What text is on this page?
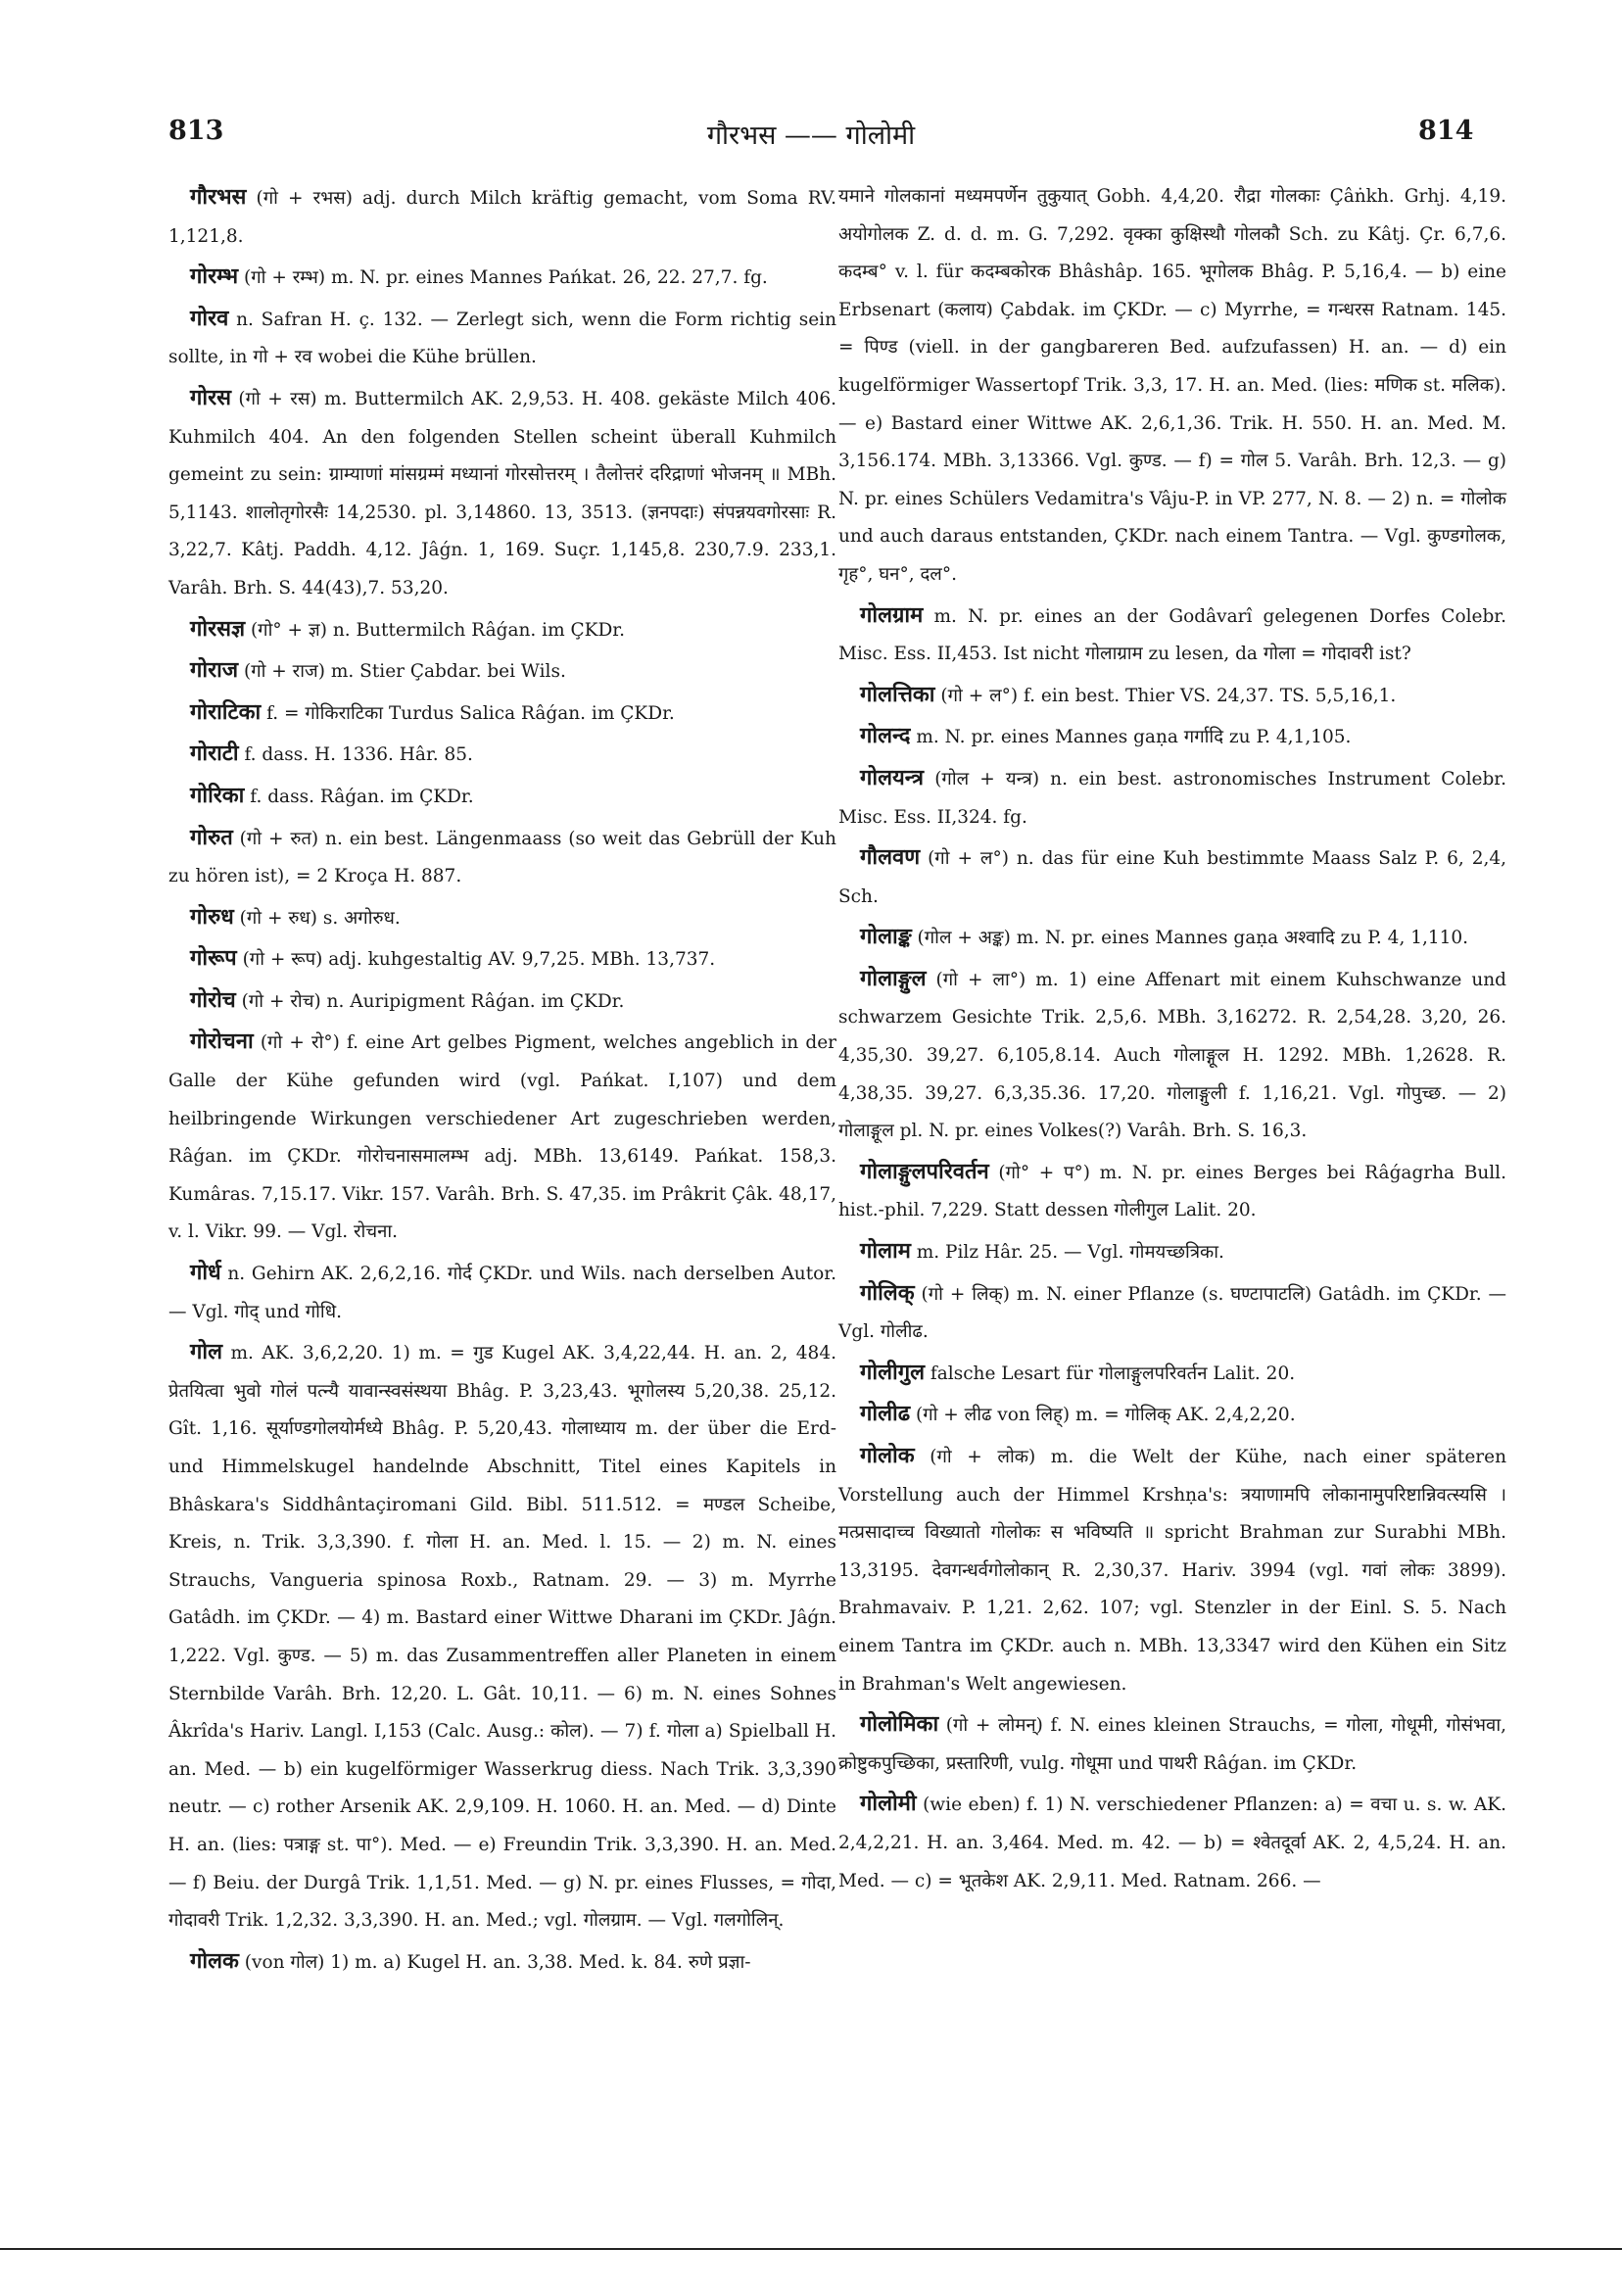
813	गौरभस —— गोलोमी	814

गौरभस (गो + रभस) adj. durch Milch kräftig gemacht, vom Soma RV. 1,121,8.

गोरम्भ (गो + रम्भ) m. N. pr. eines Mannes Pańkat. 26, 22. 27,7. fg.

गोरव n. Safran H. ç. 132. — Zerlegt sich, wenn die Form richtig sein sollte, in गो + रव wobei die Kühe brüllen.

गोरस (गो + रस) m. Buttermilch AK. 2,9,53. H. 408. gekäste Milch 406. Kuhmilch 404. An den folgenden Stellen scheint überall Kuhmilch gemeint zu sein: ग्राम्याणां मांसग्रम्मं मध्यानां गोरसोत्तरम् । तैलोत्तरं दरिद्राणां भोजनम् ॥ MBh. 5,1143. शालोतृगोरसैः 14,2530. pl. 3,14860. 13, 3513. (ज्ञनपदाः) संपन्नयवगोरसाः R. 3,22,7. Kâtj. Paddh. 4,12. Jâǵn. 1, 169. Suçr. 1,145,8. 230,7.9. 233,1. Varâh. Brh. S. 44(43),7. 53,20.

गोरसज्ञ (गो° + ज्ञ) n. Buttermilch Râǵan. im ÇKDr.

गोराज (गो + राज) m. Stier Çabdar. bei Wils.

गोराटिका f. = गोकिराटिका Turdus Salica Râǵan. im ÇKDr.

गोराटी f. dass. H. 1336. Hâr. 85.

गोरिका f. dass. Râǵan. im ÇKDr.

गोरुत (गो + रुत) n. ein best. Längenmaass (so weit das Gebrüll der Kuh zu hören ist), = 2 Kroça H. 887.

गोरुध (गो + रुध) s. अगोरुध.

गोरूप (गो + रूप) adj. kuhgestaltig AV. 9,7,25. MBh. 13,737.

गोरोच (गो + रोच) n. Auripigment Râǵan. im ÇKDr.

गोरोचना (गो + रो°) f. eine Art gelbes Pigment, welches angeblich in der Galle der Kühe gefunden wird (vgl. Pańkat. I,107) und dem heilbringende Wirkungen verschiedener Art zugeschrieben werden, Râǵan. im ÇKDr. गोरोचनासमालम्भ adj. MBh. 13,6149. Pańkat. 158,3. Kumâras. 7,15.17. Vikr. 157. Varâh. Brh. S. 47,35. im Prâkrit Çâk. 48,17, v. l. Vikr. 99. — Vgl. रोचना.

गोर्ध n. Gehirn AK. 2,6,2,16. गोर्द ÇKDr. und Wils. nach derselben Autor. — Vgl. गोद् und गोधि.

गोल m. AK. 3,6,2,20. 1) m. = गुड Kugel AK. 3,4,22,44. H. an. 2, 484. प्रेतयित्वा भुवो गोलं पत्न्यै यावान्स्वसंस्थया Bhâg. P. 3,23,43. भूगोलस्य 5,20,38. 25,12. Gît. 1,16. सूर्याण्डगोलयोर्मध्ये Bhâg. P. 5,20,43. गोलाध्याय m. der über die Erd- und Himmelskugel handelnde Abschnitt, Titel eines Kapitels in Bhâskara's Siddhântaçiromani Gild. Bibl. 511.512. = मण्डल Scheibe, Kreis, n. Trik. 3,3,390. f. गोला H. an. Med. l. 15. — 2) m. N. eines Strauchs, Vangueria spinosa Roxb., Ratnam. 29. — 3) m. Myrrhe Gatâdh. im ÇKDr. — 4) m. Bastard einer Wittwe Dharani im ÇKDr. Jâǵn. 1,222. Vgl. कुण्ड. — 5) m. das Zusammentreffen aller Planeten in einem Sternbilde Varâh. Brh. 12,20. L. Gât. 10,11. — 6) m. N. eines Sohnes Âkrîda's Hariv. Langl. I,153 (Calc. Ausg.: कोल). — 7) f. गोला a) Spielball H. an. Med. — b) ein kugelförmiger Wasserkrug diess. Nach Trik. 3,3,390 neutr. — c) rother Arsenik AK. 2,9,109. H. 1060. H. an. Med. — d) Dinte H. an. (lies: पत्राङ्ग st. पा°). Med. — e) Freundin Trik. 3,3,390. H. an. Med. — f) Beiu. der Durgâ Trik. 1,1,51. Med. — g) N. pr. eines Flusses, = गोदा, गोदावरी Trik. 1,2,32. 3,3,390. H. an. Med.; vgl. गोलग्राम. — Vgl. गलगोलिन्.

गोलक (von गोल) 1) m. a) Kugel H. an. 3,38. Med. k. 84. रुणे प्रज्ञा-

यमाने गोलकानां मध्यमपर्णेन तुकुयात् Gobh. 4,4,20. रौद्रा गोलकाः Çâṅkh. Grhj. 4,19. अयोगोलक Z. d. d. m. G. 7,292. वृक्का कुक्षिस्थौ गोलकौ Sch. zu Kâtj. Çr. 6,7,6. कदम्ब° v. l. für कदम्बकोरक Bhâshâp. 165. भूगोलक Bhâg. P. 5,16,4. — b) eine Erbsenart (कलाय) Çabdak. im ÇKDr. — c) Myrrhe, = गन्धरस Ratnam. 145. = पिण्ड (viell. in der gangbareren Bed. aufzufassen) H. an. — d) ein kugelförmiger Wassertopf Trik. 3,3, 17. H. an. Med. (lies: मणिक st. मलिक). — e) Bastard einer Wittwe AK. 2,6,1,36. Trik. H. 550. H. an. Med. M. 3,156.174. MBh. 3,13366. Vgl. कुण्ड. — f) = गोल 5. Varâh. Brh. 12,3. — g) N. pr. eines Schülers Vedamitra's Vâju-P. in VP. 277, N. 8. — 2) n. = गोलोक und auch daraus entstanden, ÇKDr. nach einem Tantra. — Vgl. कुण्डगोलक, गृह°, घन°, दल°.

गोलग्राम m. N. pr. eines an der Godâvarî gelegenen Dorfes Colebr. Misc. Ess. II,453. Ist nicht गोलाग्राम zu lesen, da गोला = गोदावरी ist?

गोलत्तिका (गो + ल°) f. ein best. Thier VS. 24,37. TS. 5,5,16,1.

गोलन्द m. N. pr. eines Mannes gaṇa गर्गादि zu P. 4,1,105.

गोलयन्त्र (गोल + यन्त्र) n. ein best. astronomisches Instrument Colebr. Misc. Ess. II,324. fg.

गौलवण (गो + ल°) n. das für eine Kuh bestimmte Maass Salz P. 6, 2,4, Sch.

गोलाङ्क (गोल + अङ्क) m. N. pr. eines Mannes gaṇa अश्वादि zu P. 4, 1,110.

गोलाङ्गुल (गो + ला°) m. 1) eine Affenart mit einem Kuhschwanze und schwarzem Gesichte Trik. 2,5,6. MBh. 3,16272. R. 2,54,28. 3,20, 26. 4,35,30. 39,27. 6,105,8.14. Auch गोलाङ्गूल H. 1292. MBh. 1,2628. R. 4,38,35. 39,27. 6,3,35.36. 17,20. गोलाङ्गुली f. 1,16,21. Vgl. गोपुच्छ. — 2) गोलाङ्गूल pl. N. pr. eines Volkes(?) Varâh. Brh. S. 16,3.

गोलाङ्गुलपरिवर्तन (गो° + प°) m. N. pr. eines Berges bei Râǵagrha Bull. hist.-phil. 7,229. Statt dessen गोलीगुल Lalit. 20.

गोलाम m. Pilz Hâr. 25. — Vgl. गोमयच्छत्रिका.

गोलिक् (गो + लिक्) m. N. einer Pflanze (s. घण्टापाटलि) Gatâdh. im ÇKDr. — Vgl. गोलीढ.

गोलीगुल falsche Lesart für गोलाङ्गुलपरिवर्तन Lalit. 20.

गोलीढ (गो + लीढ von लिह्) m. = गोलिक् AK. 2,4,2,20.

गोलोक (गो + लोक) m. die Welt der Kühe, nach einer späteren Vorstellung auch der Himmel Krshṇa's: त्रयाणामपि लोकानामुपरिष्टान्निवत्स्यसि । मत्प्रसादाच्च विख्यातो गोलोकः स भविष्यति ॥ spricht Brahman zur Surabhi MBh. 13,3195. देवगन्धर्वगोलोकान् R. 2,30,37. Hariv. 3994 (vgl. गवां लोकः 3899). Brahmavaiv. P. 1,21. 2,62. 107; vgl. Stenzler in der Einl. S. 5. Nach einem Tantra im ÇKDr. auch n. MBh. 13,3347 wird den Kühen ein Sitz in Brahman's Welt angewiesen.

गोलोमिका (गो + लोमन्) f. N. eines kleinen Strauchs, = गोला, गोधूमी, गोसंभवा, क्रोष्टुकपुच्छिका, प्रस्तारिणी, vulg. गोधूमा und पाथरी Râǵan. im ÇKDr.

गोलोमी (wie eben) f. 1) N. verschiedener Pflanzen: a) = वचा u. s. w. AK. 2,4,2,21. H. an. 3,464. Med. m. 42. — b) = श्वेतदूर्वा AK. 2, 4,5,24. H. an. Med. — c) = भूतकेश AK. 2,9,11. Med. Ratnam. 266. —
